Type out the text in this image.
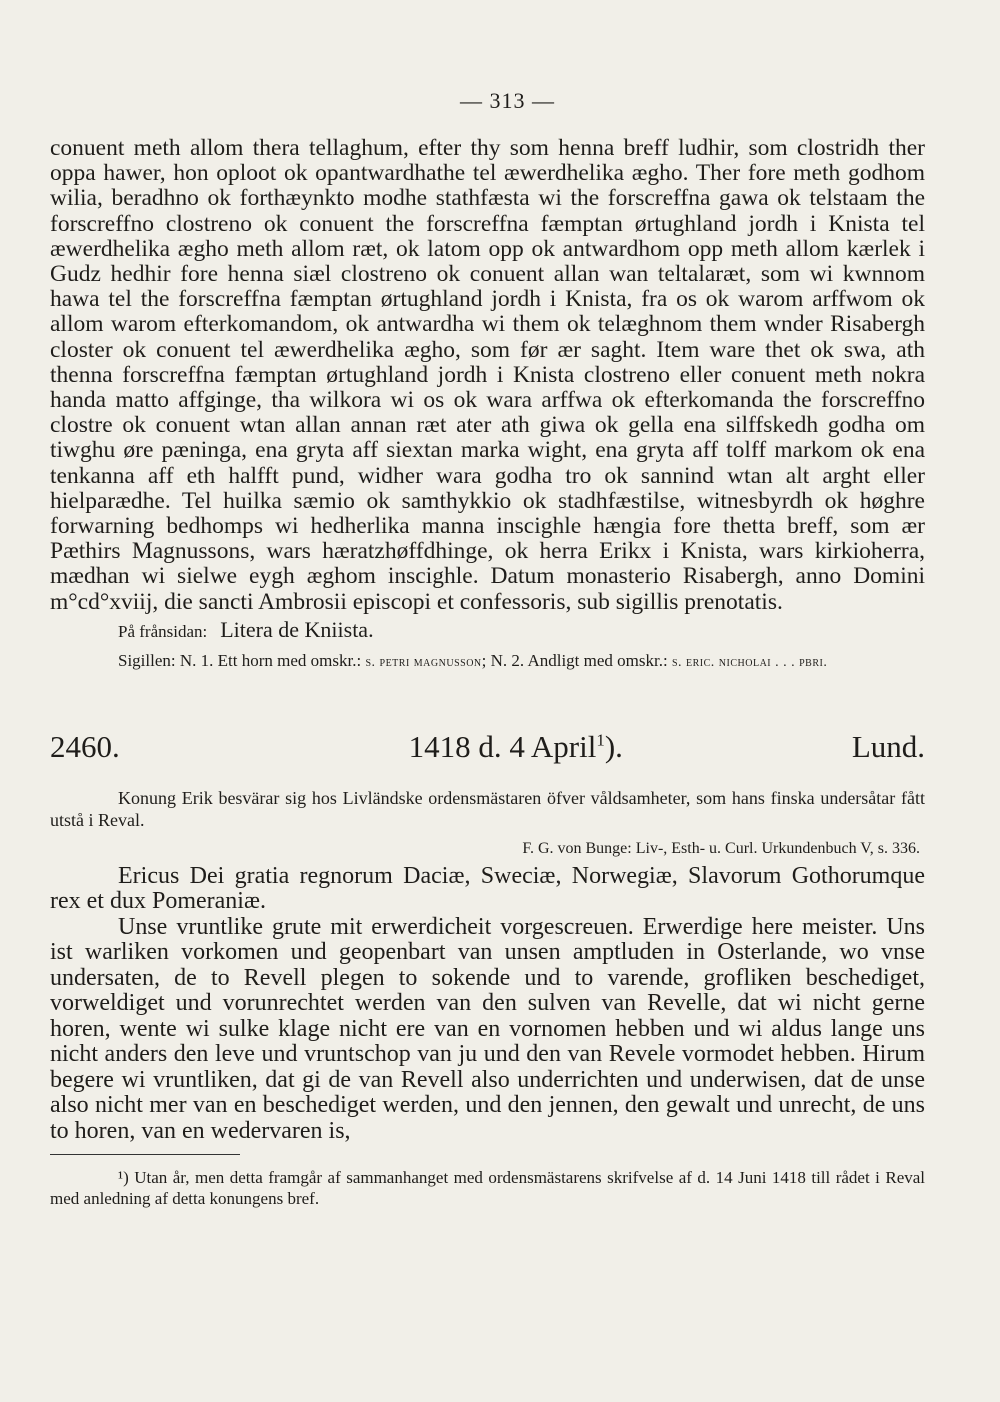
— 313 —

conuent meth allom thera tellaghum, efter thy som henna breff ludhir, som clostridh ther oppa hawer, hon oploot ok opantwardhathe tel æwerdhelika ægho. Ther fore meth godhom wilia, beradhno ok forthæynkto modhe stathfæsta wi the forscreffna gawa ok telstaam the forscreffno clostreno ok conuent the forscreffna fæmptan ørtughland jordh i Knista tel æwerdhelika ægho meth allom ræt, ok latom opp ok antwardhom opp meth allom kærlek i Gudz hedhir fore henna siæl clostreno ok conuent allan wan teltalaræt, som wi kwnnom hawa tel the forscreffna fæmptan ørtughland jordh i Knista, fra os ok warom arffwom ok allom warom efterkomandom, ok antwardha wi them ok telæghnom them wnder Risabergh closter ok conuent tel æwerdhelika ægho, som før ær saght. Item ware thet ok swa, ath thenna forscreffna fæmptan ørtughland jordh i Knista clostreno eller conuent meth nokra handa matto affginge, tha wilkora wi os ok wara arffwa ok efterkomanda the forscreffno clostre ok conuent wtan allan annan ræt ater ath giwa ok gella ena silffskedh godha om tiwghu øre pæninga, ena gryta aff siextan marka wight, ena gryta aff tolff markom ok ena tenkanna aff eth halfft pund, widher wara godha tro ok sannind wtan alt arght eller hielparædhe. Tel huilka sæmio ok samthykkio ok stadhfæstilse, witnesbyrdh ok høghre forwarning bedhomps wi hedherlika manna inscighle hængia fore thetta breff, som ær Pæthirs Magnussons, wars hæratzhøffdhinge, ok herra Erikx i Knista, wars kirkioherra, mædhan wi sielwe eygh æghom inscighle. Datum monasterio Risabergh, anno Domini m°cd°xviij, die sancti Ambrosii episcopi et confessoris, sub sigillis prenotatis.

På frånsidan: Litera de Kniista.

Sigillen: N. 1. Ett horn med omskr.: s. petri magnusson; N. 2. Andligt med omskr.: s. eric. nicholai . . . pbri.

2460.	1418 d. 4 April$^1$).	Lund.

Konung Erik besvärar sig hos Livländske ordensmästaren öfver våldsamheter, som hans finska undersåtar fått utstå i Reval.

F. G. von Bunge: Liv-, Esth- u. Curl. Urkundenbuch V, s. 336.

Ericus Dei gratia regnorum Daciæ, Sweciæ, Norwegiæ, Slavorum Gothorumque rex et dux Pomeraniæ.

Unse vruntlike grute mit erwerdicheit vorgescreuen. Erwerdige here meister. Uns ist warliken vorkomen und geopenbart van unsen amptluden in Osterlande, wo vnse undersaten, de to Revell plegen to sokende und to varende, grofliken beschediget, vorweldiget und vorunrechtet werden van den sulven van Revelle, dat wi nicht gerne horen, wente wi sulke klage nicht ere van en vornomen hebben und wi aldus lange uns nicht anders den leve und vruntschop van ju und den van Revele vormodet hebben. Hirum begere wi vruntliken, dat gi de van Revell also underrichten und underwisen, dat de unse also nicht mer van en beschediget werden, und den jennen, den gewalt und unrecht, de uns to horen, van en wedervaren is,

¹) Utan år, men detta framgår af sammanhanget med ordensmästarens skrifvelse af d. 14 Juni 1418 till rådet i Reval med anledning af detta konungens bref.
